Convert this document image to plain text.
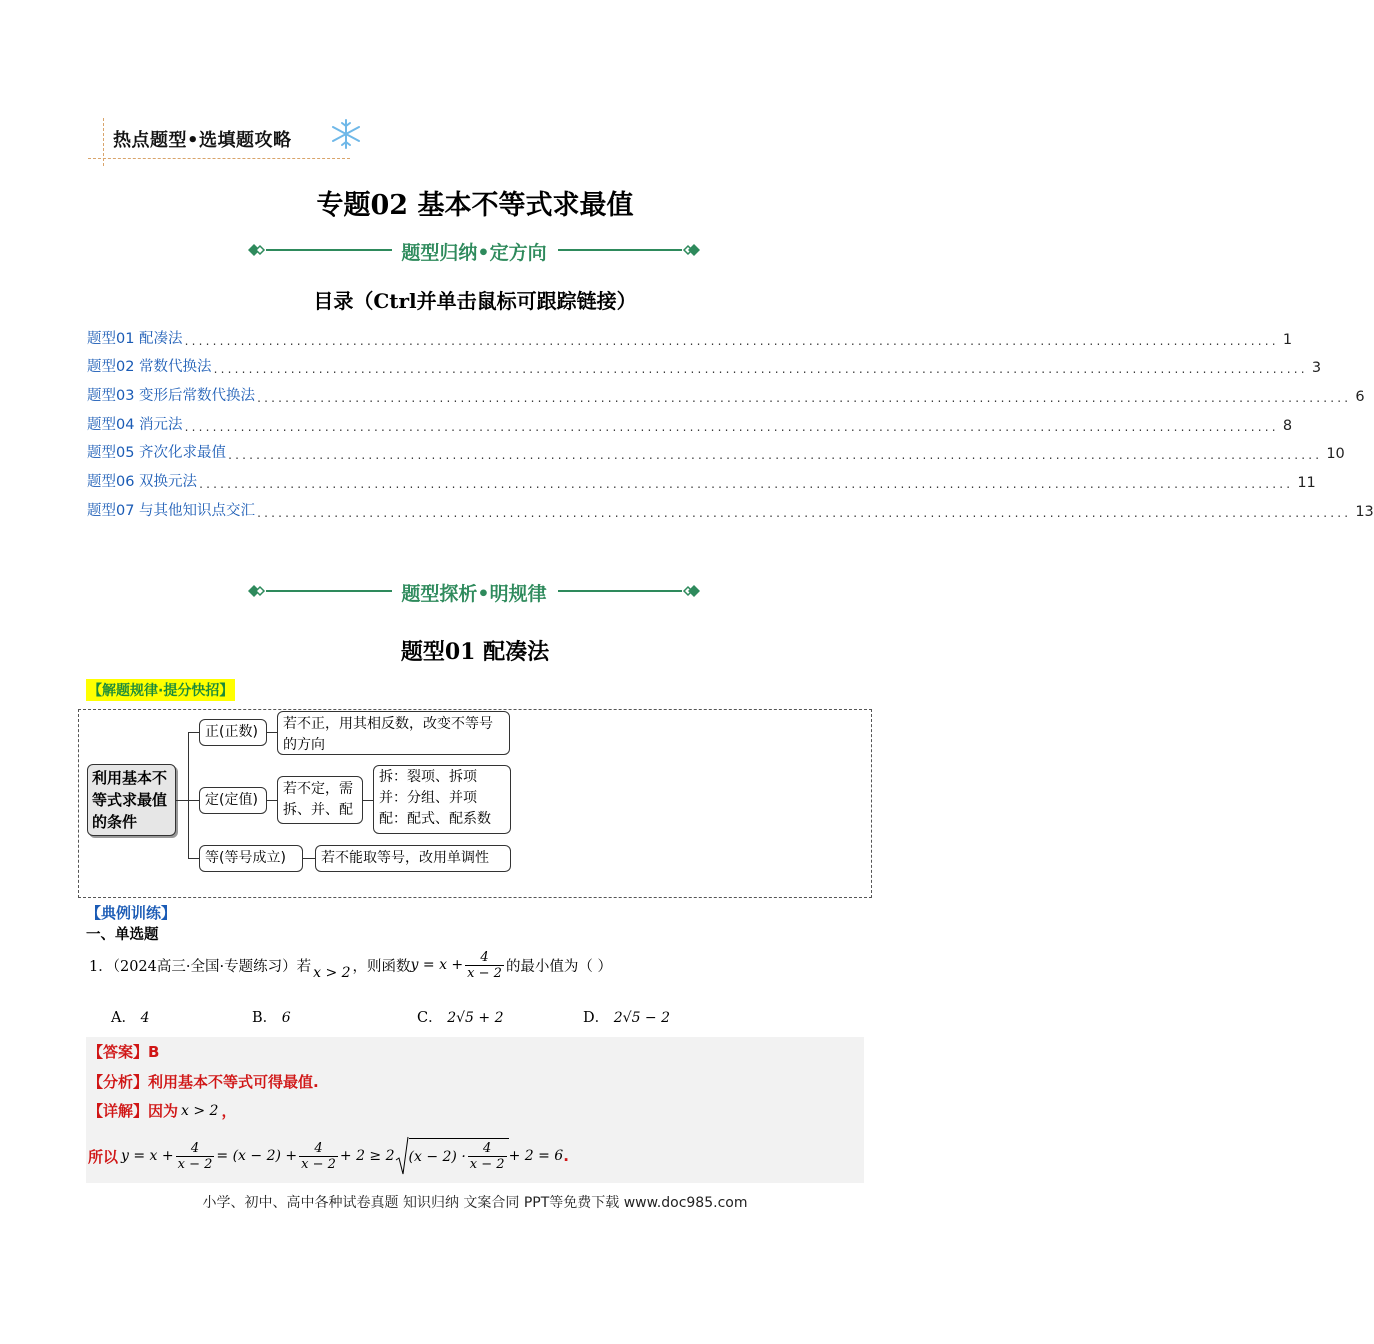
热点题型•选填题攻略
专题02 基本不等式求最值
题型归纳•定方向
目录（Ctrl并单击鼠标可跟踪链接）
题型01 配凑法 ............................................................................................................................................................ 1
题型02 常数代换法 ............................................................................................................................................................ 3
题型03 变形后常数代换法 ............................................................................................................................................................ 6
题型04 消元法 ............................................................................................................................................................ 8
题型05 齐次化求最值 ............................................................................................................................................................ 10
题型06 双换元法 ............................................................................................................................................................ 11
题型07 与其他知识点交汇 ............................................................................................................................................................ 13
题型探析•明规律
题型01 配凑法
【解题规律·提分快招】
利用基本不等式求最值的条件
正(正数)	若不正，用其相反数，改变不等号的方向
定(定值)
若不定，需拆、并、配
拆：裂项、拆项
并：分组、并项
配：配式、配系数
等(等号成立)	若不能取等号，改用单调性
【典例训练】
一、单选题
1．（2024高三·全国·专题练习）若 x > 2 ，则函数 $y = x + \frac{4}{x - 2}$ 的最小值为（ ）
A． 4	B． 6	C． 2√5 + 2	D． 2√5 − 2
【答案】B
【分析】利用基本不等式可得最值.
【详解】因为 x > 2 ，
所以 $y = x + \frac{4}{x - 2} = (x - 2) + \frac{4}{x - 2} + 2 \ge 2$ $(x - 2) \cdot \frac{4}{x - 2} + 2 = 6$ .
小学、初中、高中各种试卷真题 知识归纳 文案合同 PPT等免费下载 www.doc985.com
